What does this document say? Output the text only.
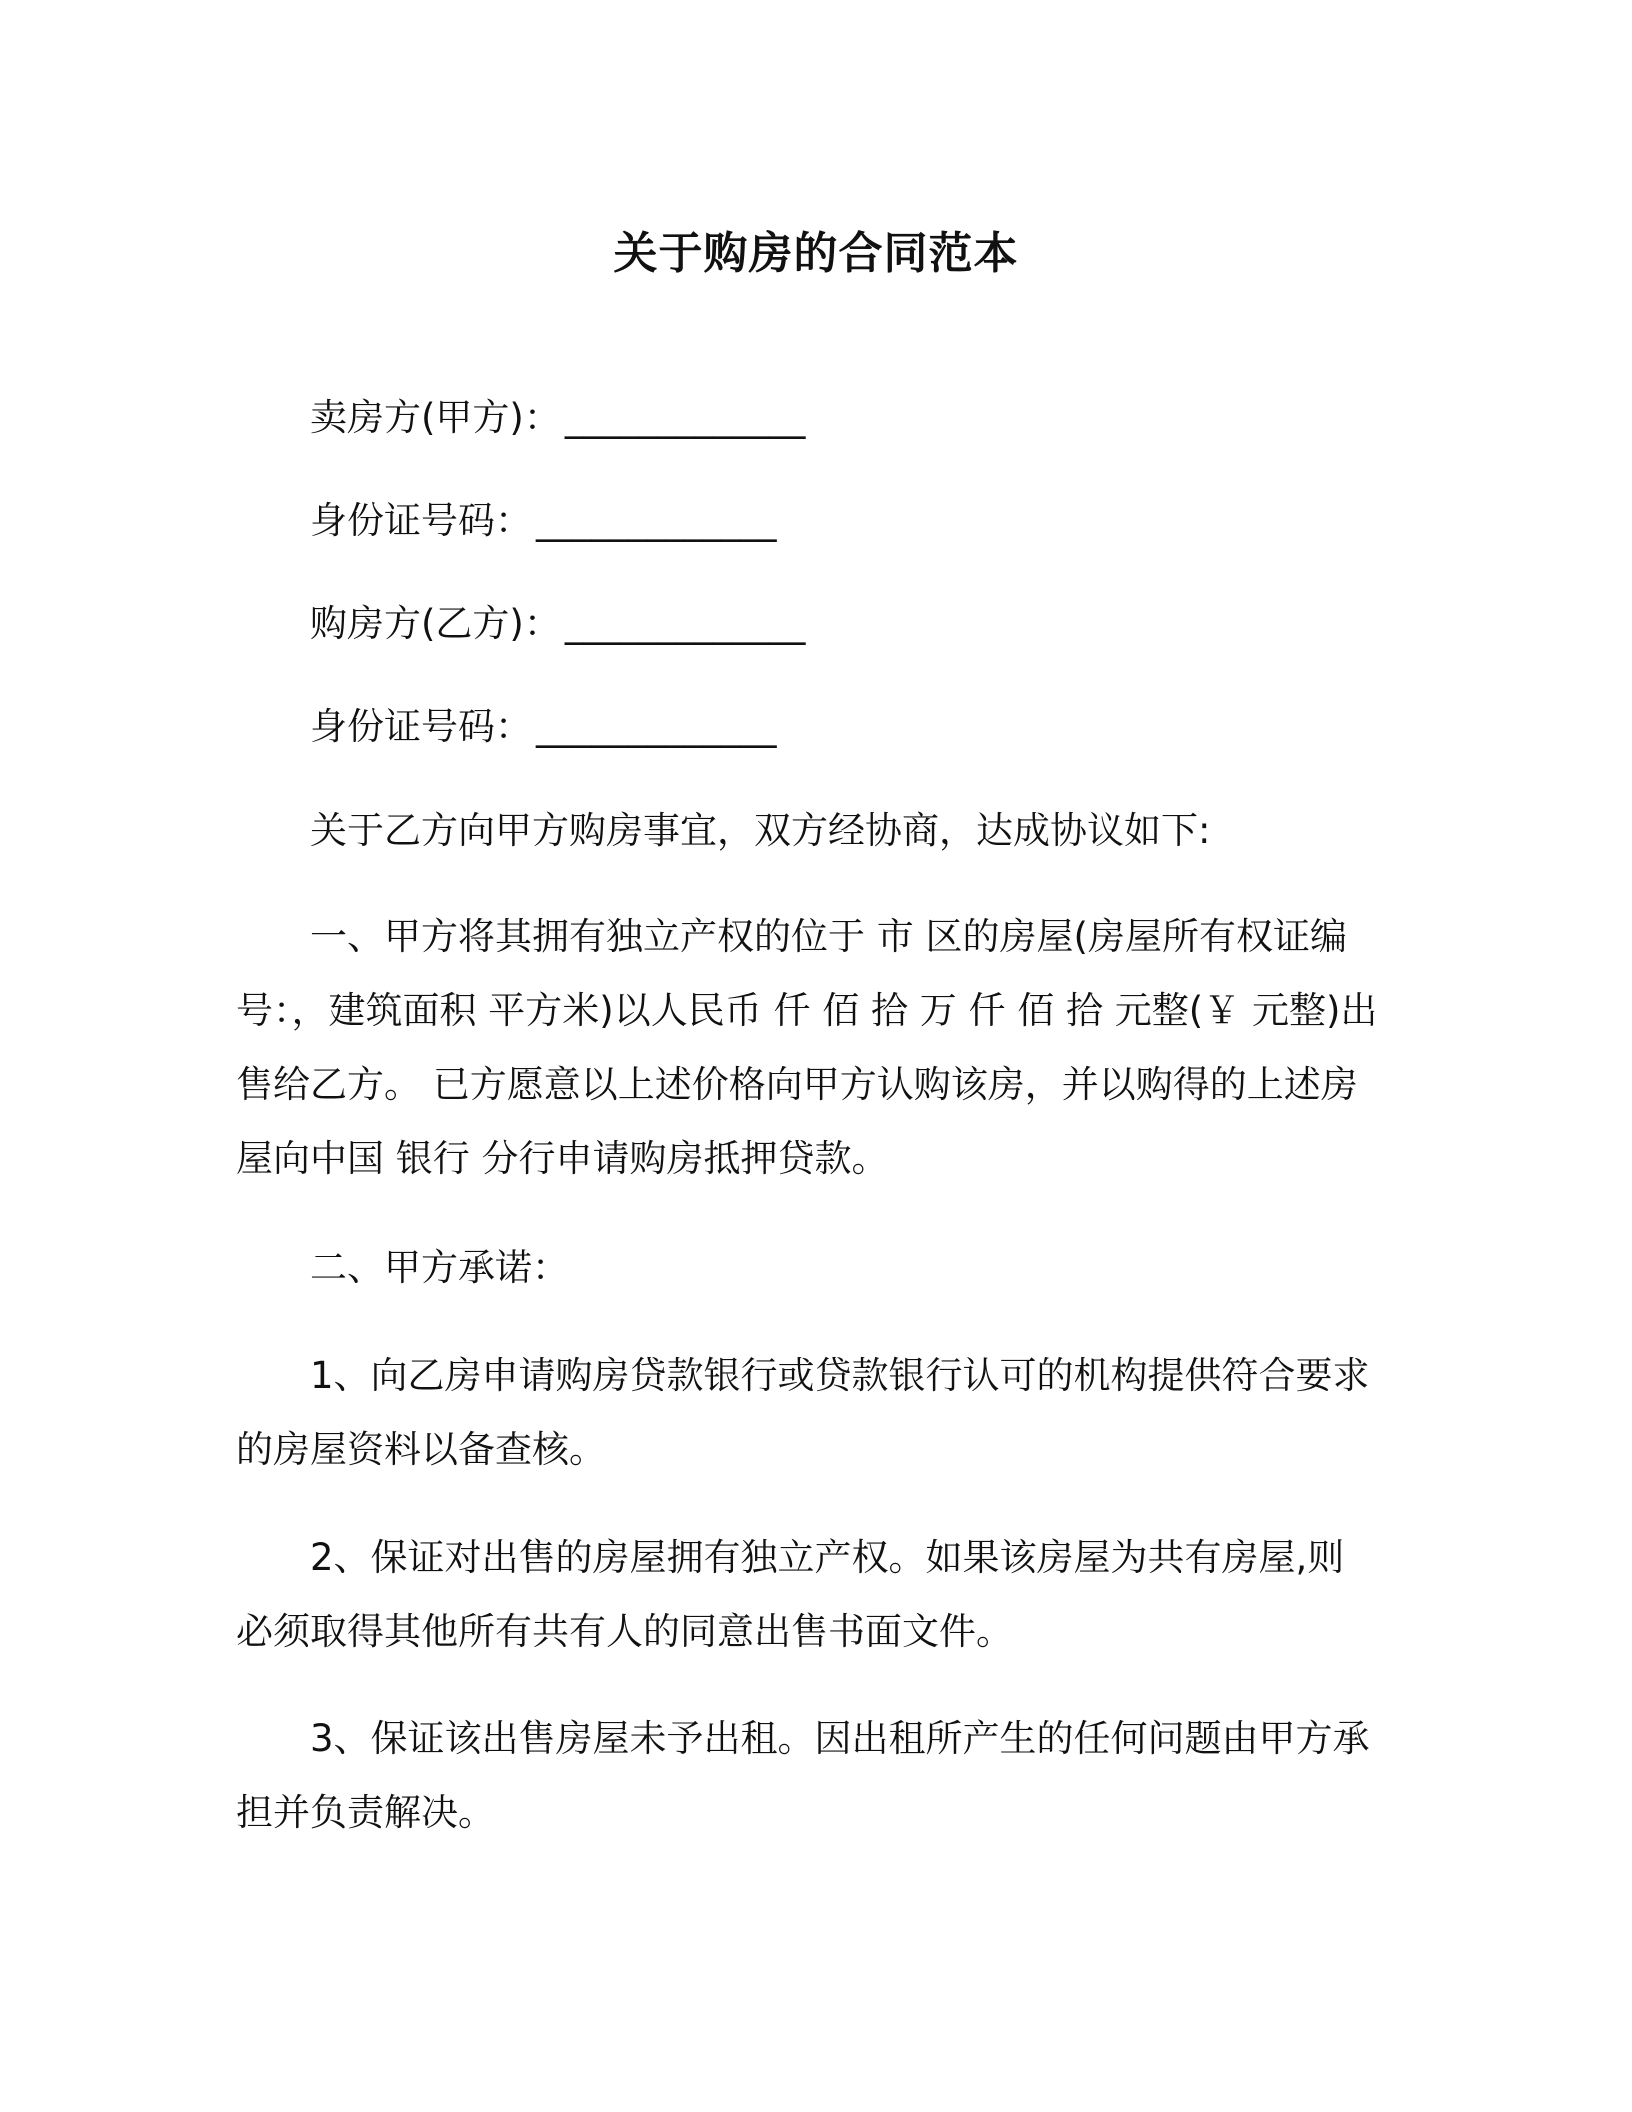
关于购房的合同范本
卖房方(甲方)： _____________
身份证号码： _____________
购房方(乙方)： _____________
身份证号码： _____________
关于乙方向甲方购房事宜，双方经协商，达成协议如下:
一、甲方将其拥有独立产权的位于 市 区的房屋(房屋所有权证编
号：，建筑面积 平方米)以人民币 仟 佰 拾 万 仟 佰 拾 元整(￥ 元整)出
售给乙方。 已方愿意以上述价格向甲方认购该房，并以购得的上述房
屋向中国 银行 分行申请购房抵押贷款。
二、甲方承诺：
1、向乙房申请购房贷款银行或贷款银行认可的机构提供符合要求
的房屋资料以备查核。
2、保证对出售的房屋拥有独立产权。如果该房屋为共有房屋,则
必须取得其他所有共有人的同意出售书面文件。
3、保证该出售房屋未予出租。因出租所产生的任何问题由甲方承
担并负责解决。
